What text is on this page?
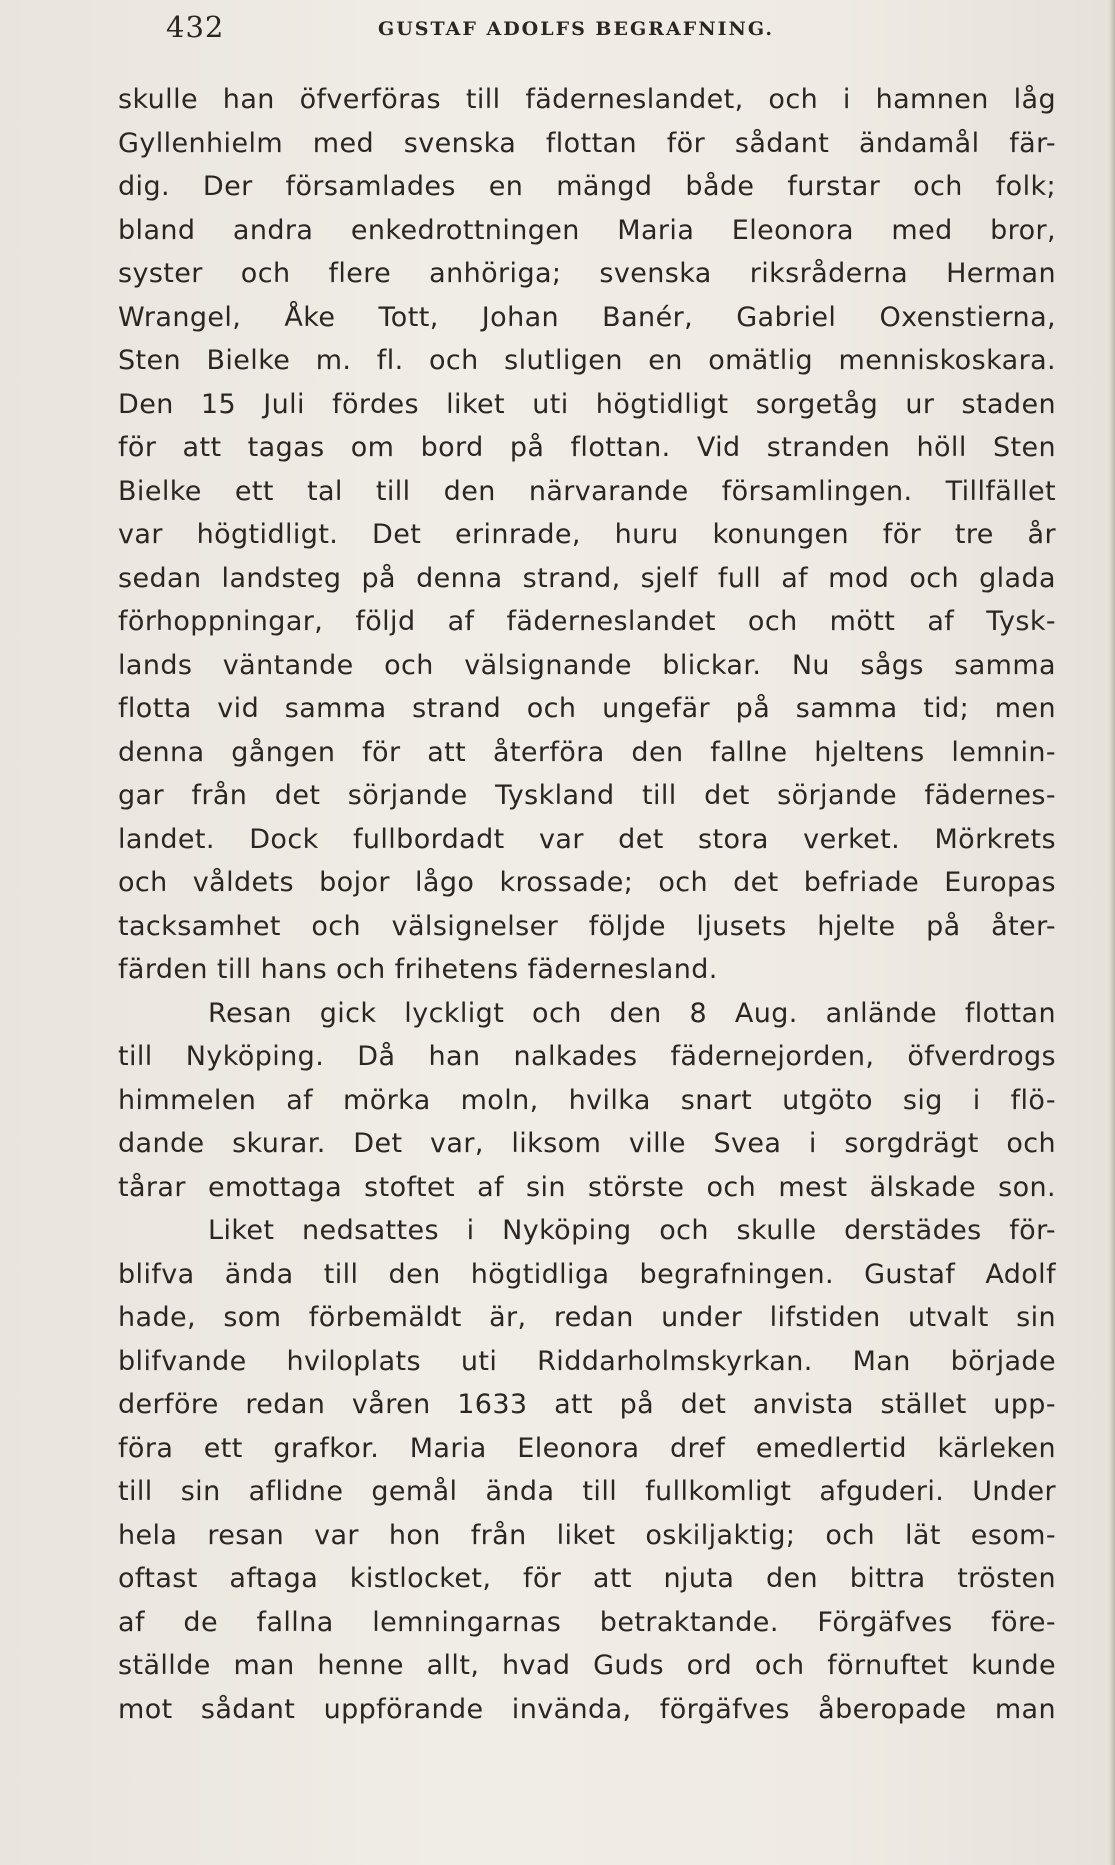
432	GUSTAF ADOLFS BEGRAFNING.
skulle han öfverföras till fäderneslandet, och i hamnen låg
Gyllenhielm med svenska flottan för sådant ändamål fär-
dig. Der församlades en mängd både furstar och folk;
bland andra enkedrottningen Maria Eleonora med bror,
syster och flere anhöriga; svenska riksråderna Herman
Wrangel, Åke Tott, Johan Banér, Gabriel Oxenstierna,
Sten Bielke m. fl. och slutligen en omätlig menniskoskara.
Den 15 Juli fördes liket uti högtidligt sorgetåg ur staden
för att tagas om bord på flottan. Vid stranden höll Sten
Bielke ett tal till den närvarande församlingen. Tillfället
var högtidligt. Det erinrade, huru konungen för tre år
sedan landsteg på denna strand, sjelf full af mod och glada
förhoppningar, följd af fäderneslandet och mött af Tysk-
lands väntande och välsignande blickar. Nu sågs samma
flotta vid samma strand och ungefär på samma tid; men
denna gången för att återföra den fallne hjeltens lemnin-
gar från det sörjande Tyskland till det sörjande fädernes-
landet. Dock fullbordadt var det stora verket. Mörkrets
och våldets bojor lågo krossade; och det befriade Europas
tacksamhet och välsignelser följde ljusets hjelte på åter-
färden till hans och frihetens fädernesland.
Resan gick lyckligt och den 8 Aug. anlände flottan
till Nyköping. Då han nalkades fädernejorden, öfverdrogs
himmelen af mörka moln, hvilka snart utgöto sig i flö-
dande skurar. Det var, liksom ville Svea i sorgdrägt och
tårar emottaga stoftet af sin störste och mest älskade son.
Liket nedsattes i Nyköping och skulle derstädes för-
blifva ända till den högtidliga begrafningen. Gustaf Adolf
hade, som förbemäldt är, redan under lifstiden utvalt sin
blifvande hviloplats uti Riddarholmskyrkan. Man började
derföre redan våren 1633 att på det anvista stället upp-
föra ett grafkor. Maria Eleonora dref emedlertid kärleken
till sin aflidne gemål ända till fullkomligt afguderi. Under
hela resan var hon från liket oskiljaktig; och lät esom-
oftast aftaga kistlocket, för att njuta den bittra trösten
af de fallna lemningarnas betraktande. Förgäfves före-
ställde man henne allt, hvad Guds ord och förnuftet kunde
mot sådant uppförande invända, förgäfves åberopade man
